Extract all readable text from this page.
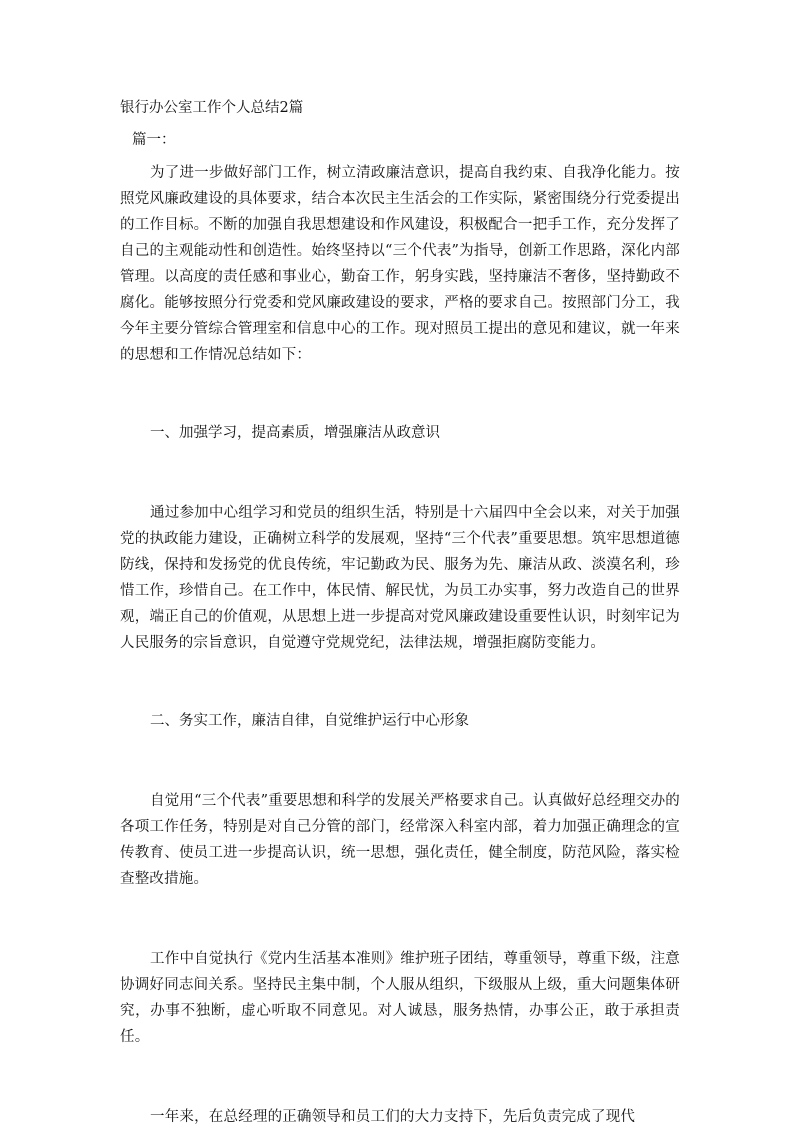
银行办公室工作个人总结2篇
篇一：

为了进一步做好部门工作，树立清政廉洁意识，提高自我约束、自我净化能力。按照党风廉政建设的具体要求，结合本次民主生活会的工作实际，紧密围绕分行党委提出的工作目标。不断的加强自我思想建设和作风建设，积极配合一把手工作，充分发挥了自己的主观能动性和创造性。始终坚持以“三个代表”为指导，创新工作思路，深化内部管理。以高度的责任感和事业心，勤奋工作，躬身实践，坚持廉洁不奢侈，坚持勤政不腐化。能够按照分行党委和党风廉政建设的要求，严格的要求自己。按照部门分工，我今年主要分管综合管理室和信息中心的工作。现对照员工提出的意见和建议，就一年来的思想和工作情况总结如下：

一、加强学习，提高素质，增强廉洁从政意识

通过参加中心组学习和党员的组织生活，特别是十六届四中全会以来，对关于加强党的执政能力建设，正确树立科学的发展观，坚持“三个代表”重要思想。筑牢思想道德防线，保持和发扬党的优良传统，牢记勤政为民、服务为先、廉洁从政、淡漠名利，珍惜工作，珍惜自己。在工作中，体民情、解民忧，为员工办实事，努力改造自己的世界观，端正自己的价值观，从思想上进一步提高对党风廉政建设重要性认识，时刻牢记为人民服务的宗旨意识，自觉遵守党规党纪，法律法规，增强拒腐防变能力。

二、务实工作，廉洁自律，自觉维护运行中心形象

自觉用“三个代表”重要思想和科学的发展关严格要求自己。认真做好总经理交办的各项工作任务，特别是对自己分管的部门，经常深入科室内部，着力加强正确理念的宣传教育、使员工进一步提高认识，统一思想，强化责任，健全制度，防范风险，落实检查整改措施。

工作中自觉执行《党内生活基本准则》维护班子团结，尊重领导，尊重下级，注意协调好同志间关系。坚持民主集中制，个人服从组织，下级服从上级，重大问题集体研究，办事不独断，虚心听取不同意见。对人诚恳，服务热情，办事公正，敢于承担责任。

一年来，在总经理的正确领导和员工们的大力支持下，先后负责完成了现代
